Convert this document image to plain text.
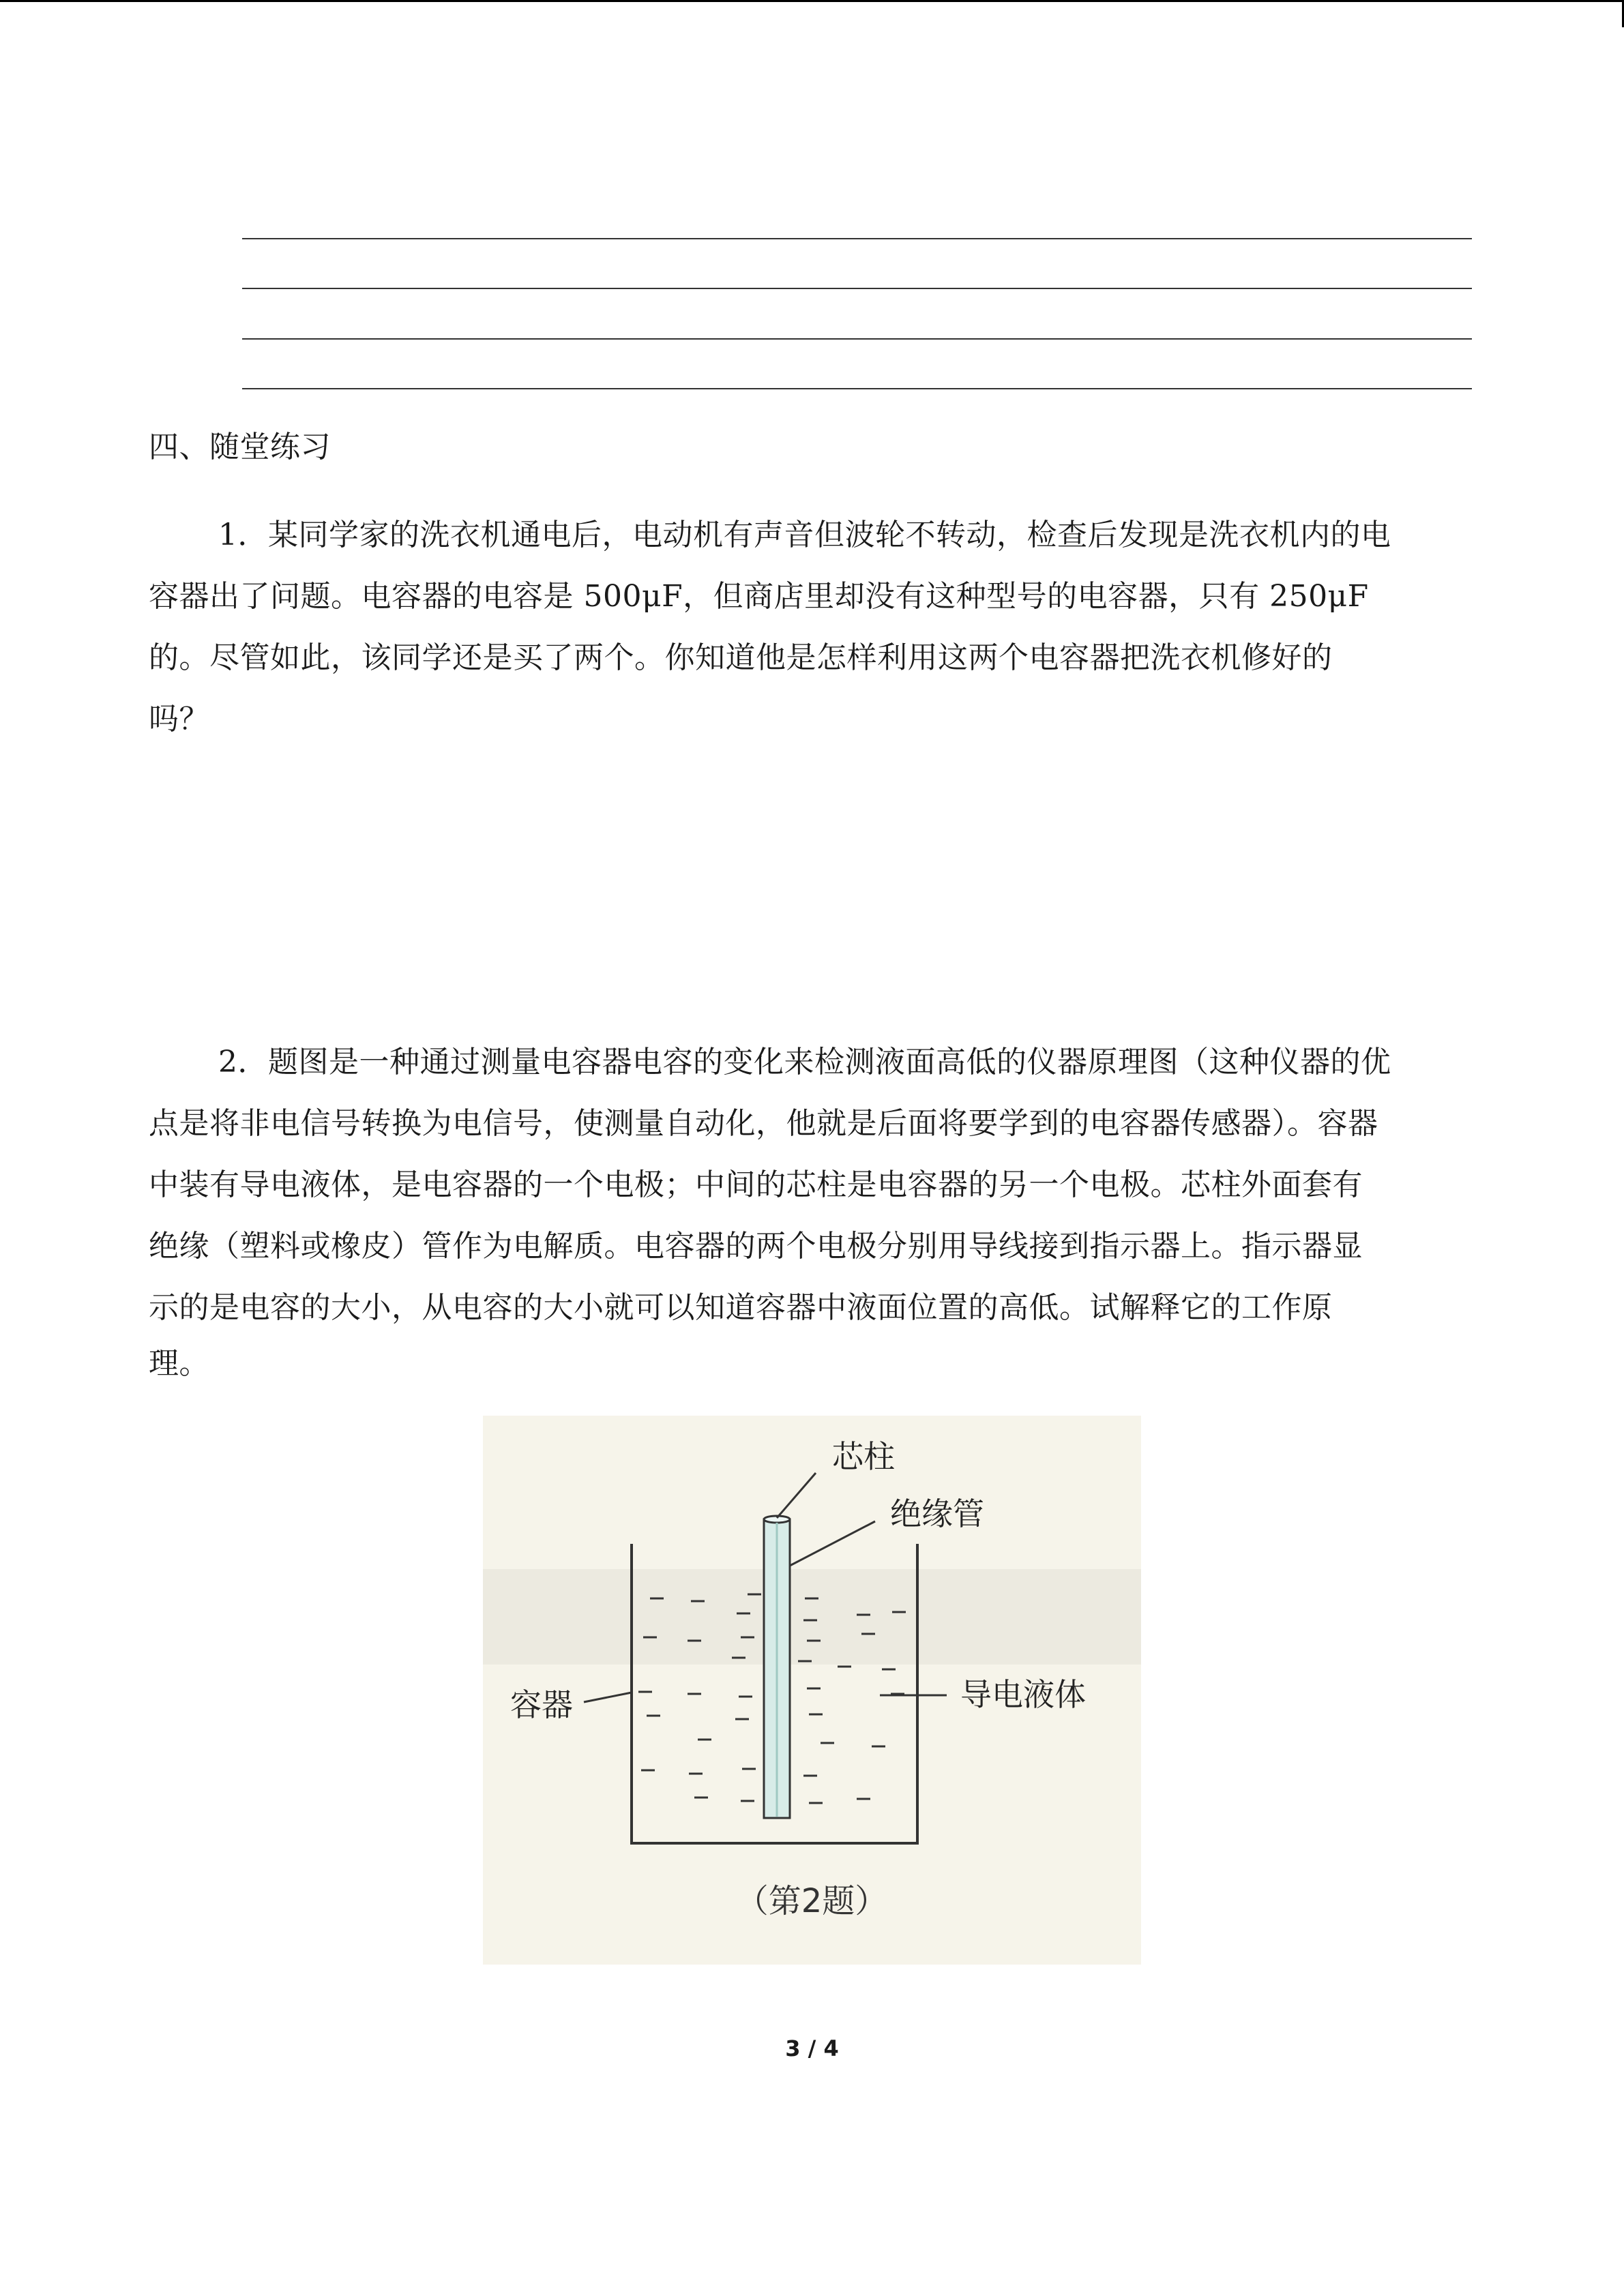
四、随堂练习
1．某同学家的洗衣机通电后，电动机有声音但波轮不转动，检查后发现是洗衣机内的电
容器出了问题。电容器的电容是 500μF，但商店里却没有这种型号的电容器，只有 250μF
的。尽管如此，该同学还是买了两个。你知道他是怎样利用这两个电容器把洗衣机修好的
吗？
2．题图是一种通过测量电容器电容的变化来检测液面高低的仪器原理图（这种仪器的优
点是将非电信号转换为电信号，使测量自动化，他就是后面将要学到的电容器传感器）。容器
中装有导电液体，是电容器的一个电极；中间的芯柱是电容器的另一个电极。芯柱外面套有
绝缘（塑料或橡皮）管作为电解质。电容器的两个电极分别用导线接到指示器上。指示器显
示的是电容的大小，从电容的大小就可以知道容器中液面位置的高低。试解释它的工作原
理。
芯柱
绝缘管
容器	导电液体
（第2题）
3 / 4
